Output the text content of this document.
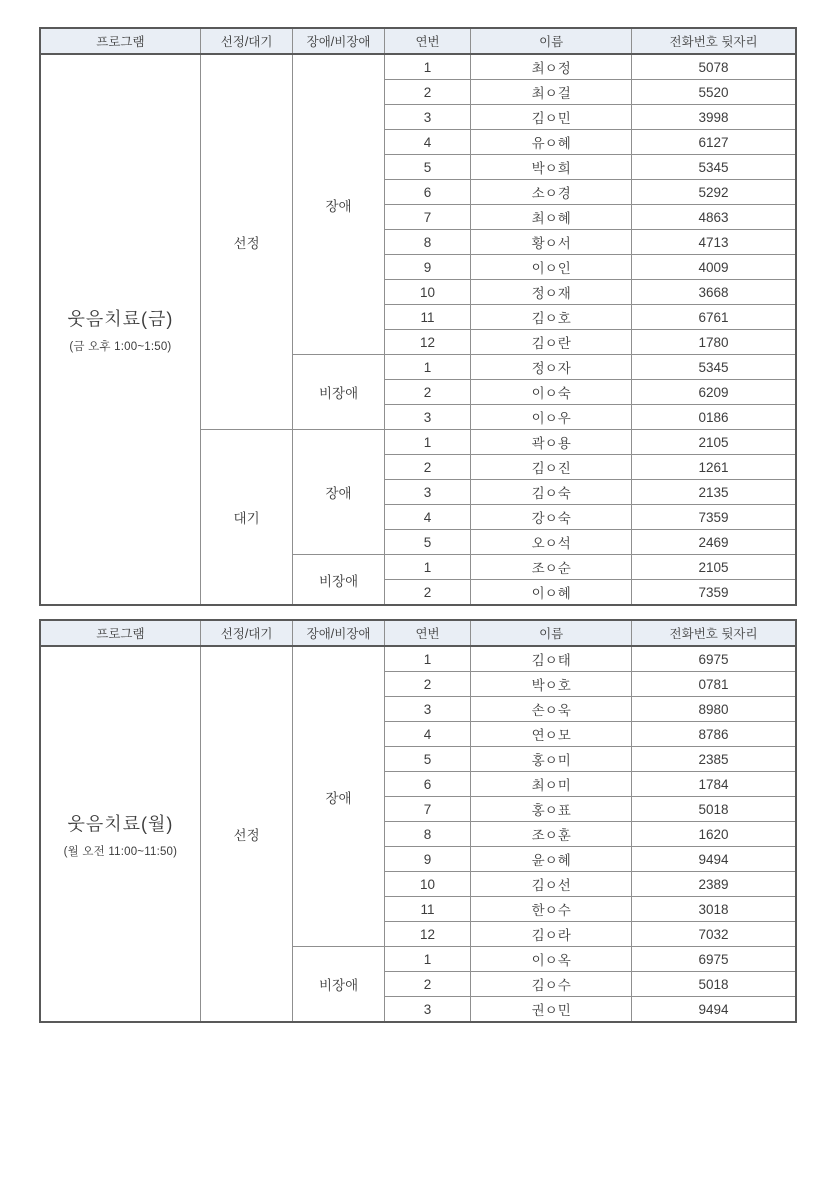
프로그램	선정/대기	장애/비장애	연번	이름	전화번호 뒷자리

웃음치료(금)
(금 오후 1:00~1:50)	선정	장애	1	최ㅇ정	5078
			2	최ㅇ걸	5520
			3	김ㅇ민	3998
			4	유ㅇ혜	6127
			5	박ㅇ희	5345
			6	소ㅇ경	5292
			7	최ㅇ혜	4863
			8	황ㅇ서	4713
			9	이ㅇ인	4009
			10	정ㅇ재	3668
			11	김ㅇ호	6761
			12	김ㅇ란	1780
		비장애	1	정ㅇ자	5345
			2	이ㅇ숙	6209
			3	이ㅇ우	0186
	대기	장애	1	곽ㅇ용	2105
			2	김ㅇ진	1261
			3	김ㅇ숙	2135
			4	강ㅇ숙	7359
			5	오ㅇ석	2469
		비장애	1	조ㅇ순	2105
			2	이ㅇ혜	7359
프로그램	선정/대기	장애/비장애	연번	이름	전화번호 뒷자리

웃음치료(월)
(월 오전 11:00~11:50)	선정	장애	1	김ㅇ태	6975
			2	박ㅇ호	0781
			3	손ㅇ욱	8980
			4	연ㅇ모	8786
			5	홍ㅇ미	2385
			6	최ㅇ미	1784
			7	홍ㅇ표	5018
			8	조ㅇ훈	1620
			9	윤ㅇ혜	9494
			10	김ㅇ선	2389
			11	한ㅇ수	3018
			12	김ㅇ라	7032
		비장애	1	이ㅇ옥	6975
			2	김ㅇ수	5018
			3	권ㅇ민	9494
